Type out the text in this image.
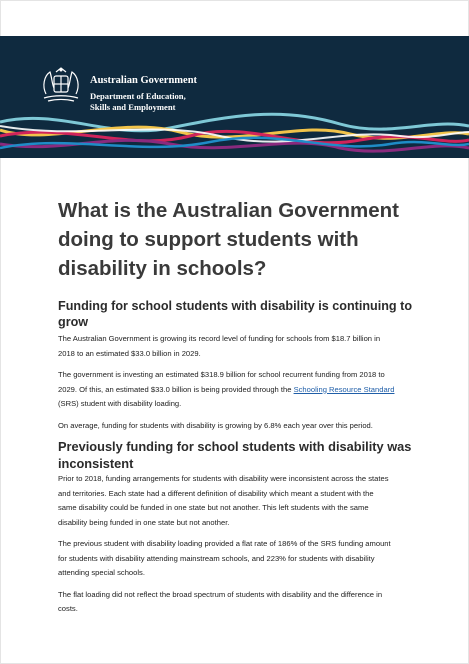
Australian Government
Department of Education,
Skills and Employment
What is the Australian Government
doing to support students with
disability in schools?
Funding for school students with disability is continuing to grow

The Australian Government is growing its record level of funding for schools from $18.7 billion in
2018 to an estimated $33.0 billion in 2029.

The government is investing an estimated $318.9 billion for school recurrent funding from 2018 to
2029. Of this, an estimated $33.0 billion is being provided through the Schooling Resource Standard
(SRS) student with disability loading.

On average, funding for students with disability is growing by 6.8% each year over this period.

Previously funding for school students with disability was
inconsistent

Prior to 2018, funding arrangements for students with disability were inconsistent across the states
and territories. Each state had a different definition of disability which meant a student with the
same disability could be funded in one state but not another. This left students with the same
disability being funded in one state but not another.

The previous student with disability loading provided a flat rate of 186% of the SRS funding amount
for students with disability attending mainstream schools, and 223% for students with disability
attending special schools.

The flat loading did not reflect the broad spectrum of students with disability and the difference in
costs.
